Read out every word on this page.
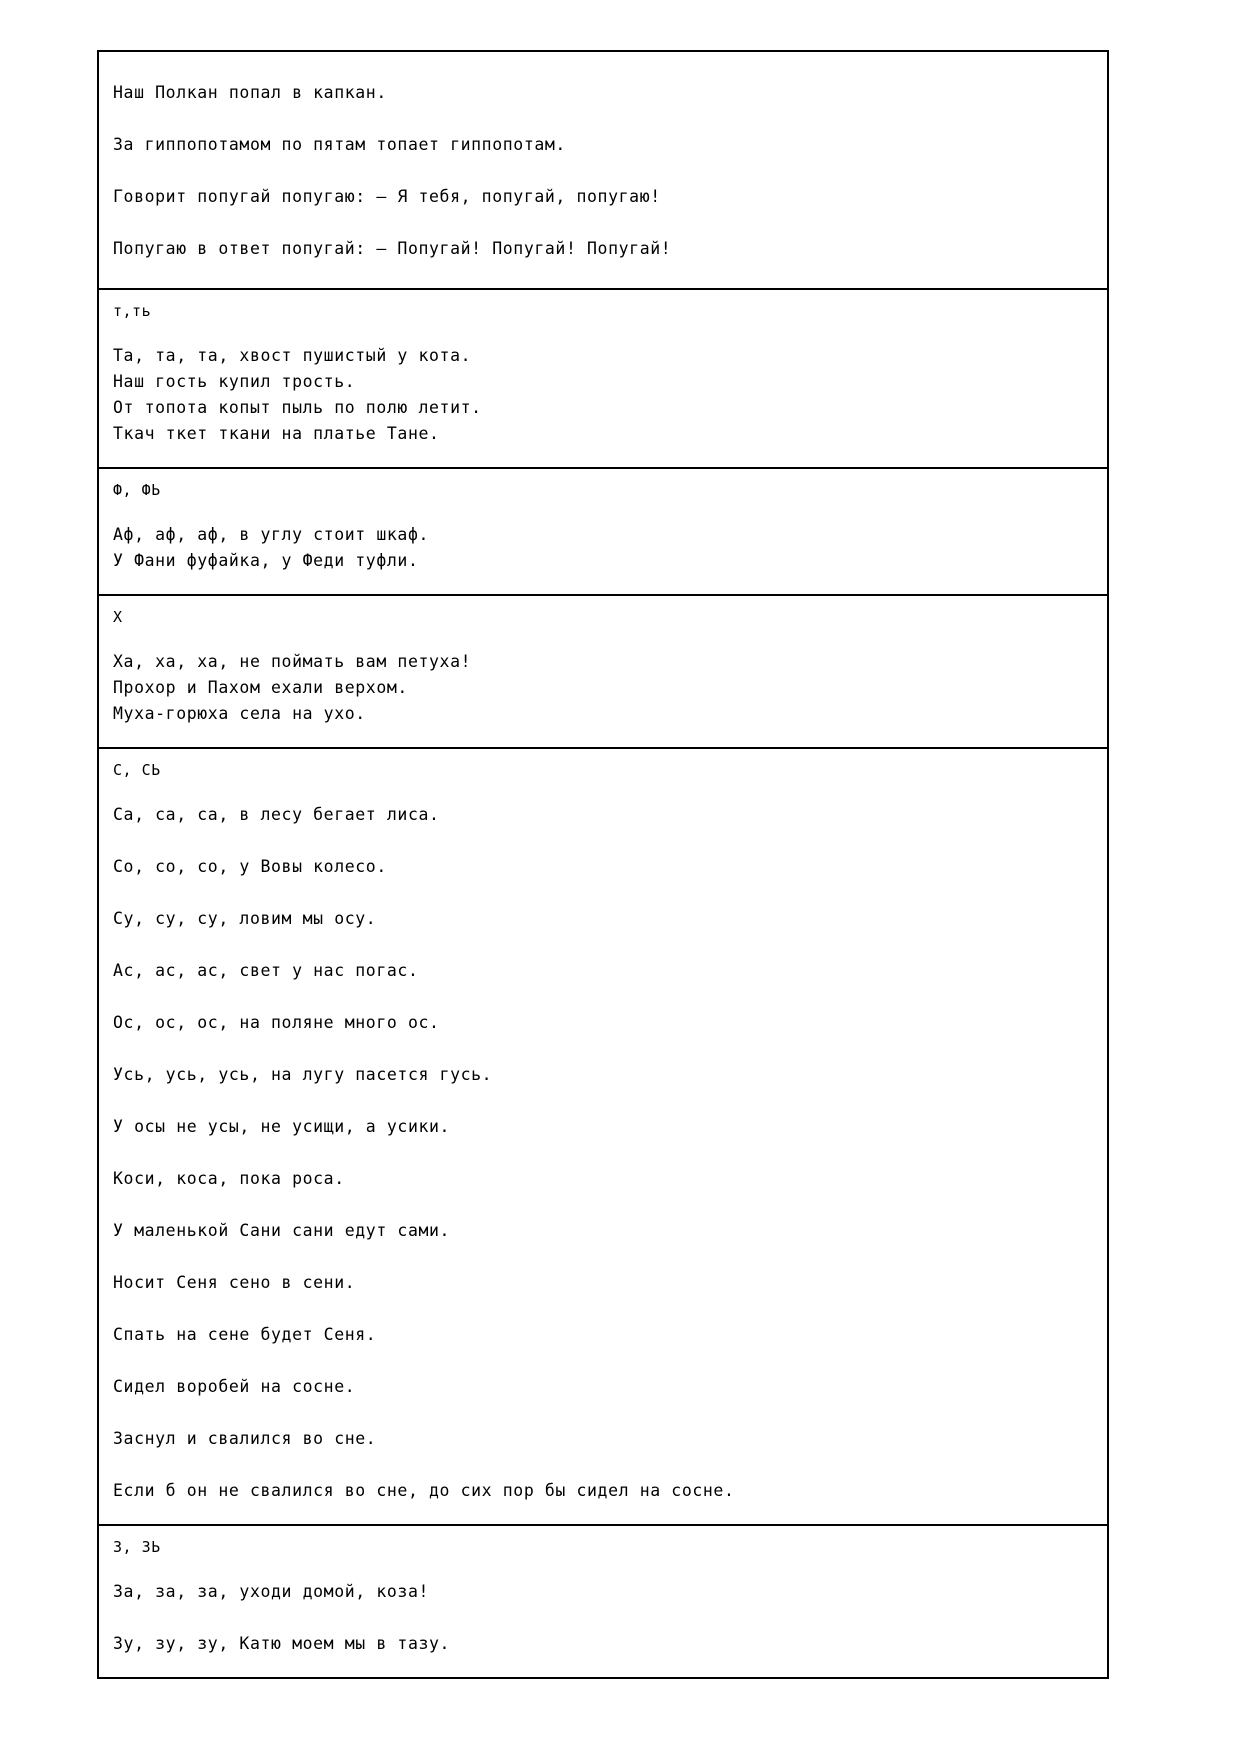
Наш Полкан попал в капкан.
За гиппопотамом по пятам топает гиппопотам.
Говорит попугай попугаю: — Я тебя, попугай, попугаю!
Попугаю в ответ попугай: — Попугай! Попугай! Попугай!

т,ть
Та, та, та, хвост пушистый у кота.
Наш гость купил трость.
От топота копыт пыль по полю летит.
Ткач ткет ткани на платье Тане.

Ф, ФЬ
Аф, аф, аф, в углу стоит шкаф.
У Фани фуфайка, у Феди туфли.

Х
Ха, ха, ха, не поймать вам петуха!
Прохор и Пахом ехали верхом.
Муха-горюха села на ухо.

С, СЬ
Са, са, са, в лесу бегает лиса.
Со, со, со, у Вовы колесо.
Су, су, су, ловим мы осу.
Ас, ас, ас, свет у нас погас.
Ос, ос, ос, на поляне много ос.
Усь, усь, усь, на лугу пасется гусь.
У осы не усы, не усищи, а усики.
Коси, коса, пока роса.
У маленькой Сани сани едут сами.
Носит Сеня сено в сени.
Спать на сене будет Сеня.
Сидел воробей на сосне.
Заснул и свалился во сне.
Если б он не свалился во сне, до сих пор бы сидел на сосне.

З, ЗЬ
За, за, за, уходи домой, коза!
Зу, зу, зу, Катю моем мы в тазу.
